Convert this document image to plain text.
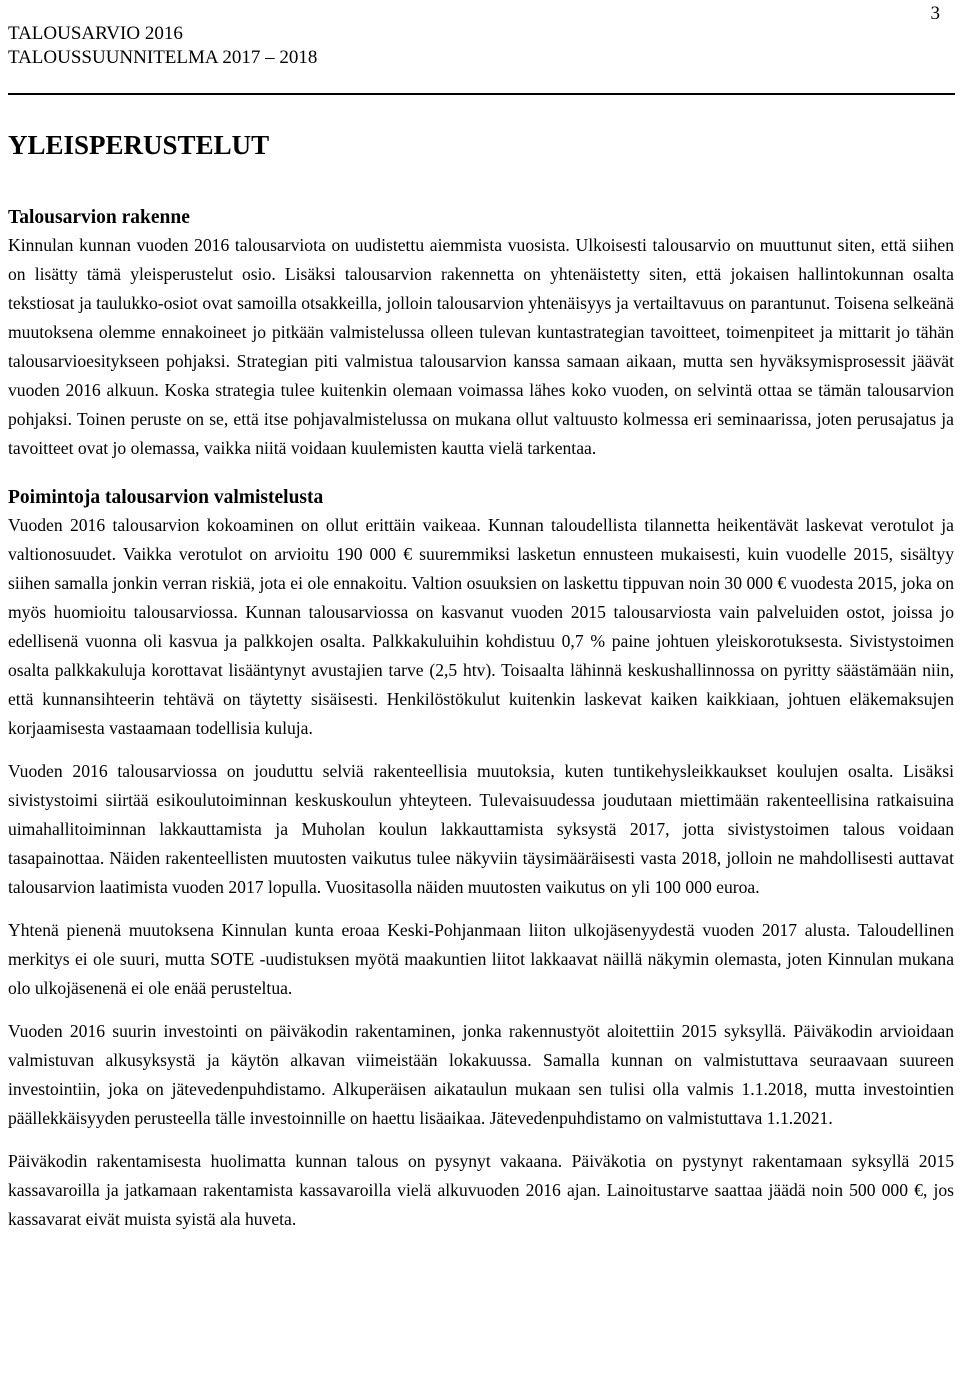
TALOUSARVIO 2016
TALOUSSUUNNITELMA 2017 – 2018
3
YLEISPERUSTELUT
Talousarvion rakenne

Kinnulan kunnan vuoden 2016 talousarviota on uudistettu aiemmista vuosista. Ulkoisesti talousarvio on muuttunut siten, että siihen on lisätty tämä yleisperustelut osio. Lisäksi talousarvion rakennetta on yhtenäistetty siten, että jokaisen hallintokunnan osalta tekstiosat ja taulukko-osiot ovat samoilla otsakkeilla, jolloin talousarvion yhtenäisyys ja vertailtavuus on parantunut. Toisena selkeänä muutoksena olemme ennakoineet jo pitkään valmistelussa olleen tulevan kuntastrategian tavoitteet, toimenpiteet ja mittarit jo tähän talousarvioesitykseen pohjaksi. Strategian piti valmistua talousarvion kanssa samaan aikaan, mutta sen hyväksymisprosessit jäävät vuoden 2016 alkuun. Koska strategia tulee kuitenkin olemaan voimassa lähes koko vuoden, on selvintä ottaa se tämän talousarvion pohjaksi. Toinen peruste on se, että itse pohjavalmistelussa on mukana ollut valtuusto kolmessa eri seminaarissa, joten perusajatus ja tavoitteet ovat jo olemassa, vaikka niitä voidaan kuulemisten kautta vielä tarkentaa.

Poimintoja talousarvion valmistelusta

Vuoden 2016 talousarvion kokoaminen on ollut erittäin vaikeaa. Kunnan taloudellista tilannetta heikentävät laskevat verotulot ja valtionosuudet. Vaikka verotulot on arvioitu 190 000 € suuremmiksi lasketun ennusteen mukaisesti, kuin vuodelle 2015, sisältyy siihen samalla jonkin verran riskiä, jota ei ole ennakoitu. Valtion osuuksien on laskettu tippuvan noin 30 000 € vuodesta 2015, joka on myös huomioitu talousarviossa. Kunnan talousarviossa on kasvanut vuoden 2015 talousarviosta vain palveluiden ostot, joissa jo edellisenä vuonna oli kasvua ja palkkojen osalta. Palkkakuluihin kohdistuu 0,7 % paine johtuen yleiskorotuksesta. Sivistystoimen osalta palkkakuluja korottavat lisääntynyt avustajien tarve (2,5 htv). Toisaalta lähinnä keskushallinnossa on pyritty säästämään niin, että kunnansihteerin tehtävä on täytetty sisäisesti. Henkilöstökulut kuitenkin laskevat kaiken kaikkiaan, johtuen eläkemaksujen korjaamisesta vastaamaan todellisia kuluja.

Vuoden 2016 talousarviossa on jouduttu selviä rakenteellisia muutoksia, kuten tuntikehysleikkaukset koulujen osalta. Lisäksi sivistystoimi siirtää esikoulutoiminnan keskuskoulun yhteyteen. Tulevaisuudessa joudutaan miettimään rakenteellisina ratkaisuina uimahallitoiminnan lakkauttamista ja Muholan koulun lakkauttamista syksystä 2017, jotta sivistystoimen talous voidaan tasapainottaa. Näiden rakenteellisten muutosten vaikutus tulee näkyviin täysimääräisesti vasta 2018, jolloin ne mahdollisesti auttavat talousarvion laatimista vuoden 2017 lopulla. Vuositasolla näiden muutosten vaikutus on yli 100 000 euroa.

Yhtenä pienenä muutoksena Kinnulan kunta eroaa Keski-Pohjanmaan liiton ulkojäsenyydestä vuoden 2017 alusta. Taloudellinen merkitys ei ole suuri, mutta SOTE -uudistuksen myötä maakuntien liitot lakkaavat näillä näkymin olemasta, joten Kinnulan mukana olo ulkojäsenenä ei ole enää perusteltua.

Vuoden 2016 suurin investointi on päiväkodin rakentaminen, jonka rakennustyöt aloitettiin 2015 syksyllä. Päiväkodin arvioidaan valmistuvan alkusyksystä ja käytön alkavan viimeistään lokakuussa. Samalla kunnan on valmistuttava seuraavaan suureen investointiin, joka on jätevedenpuhdistamo. Alkuperäisen aikataulun mukaan sen tulisi olla valmis 1.1.2018, mutta investointien päällekkäisyyden perusteella tälle investoinnille on haettu lisäaikaa. Jätevedenpuhdistamo on valmistuttava 1.1.2021.

Päiväkodin rakentamisesta huolimatta kunnan talous on pysynyt vakaana. Päiväkotia on pystynyt rakentamaan syksyllä 2015 kassavaroilla ja jatkamaan rakentamista kassavaroilla vielä alkuvuoden 2016 ajan. Lainoitustarve saattaa jäädä noin 500 000 €, jos kassavarat eivät muista syistä ala huveta.
